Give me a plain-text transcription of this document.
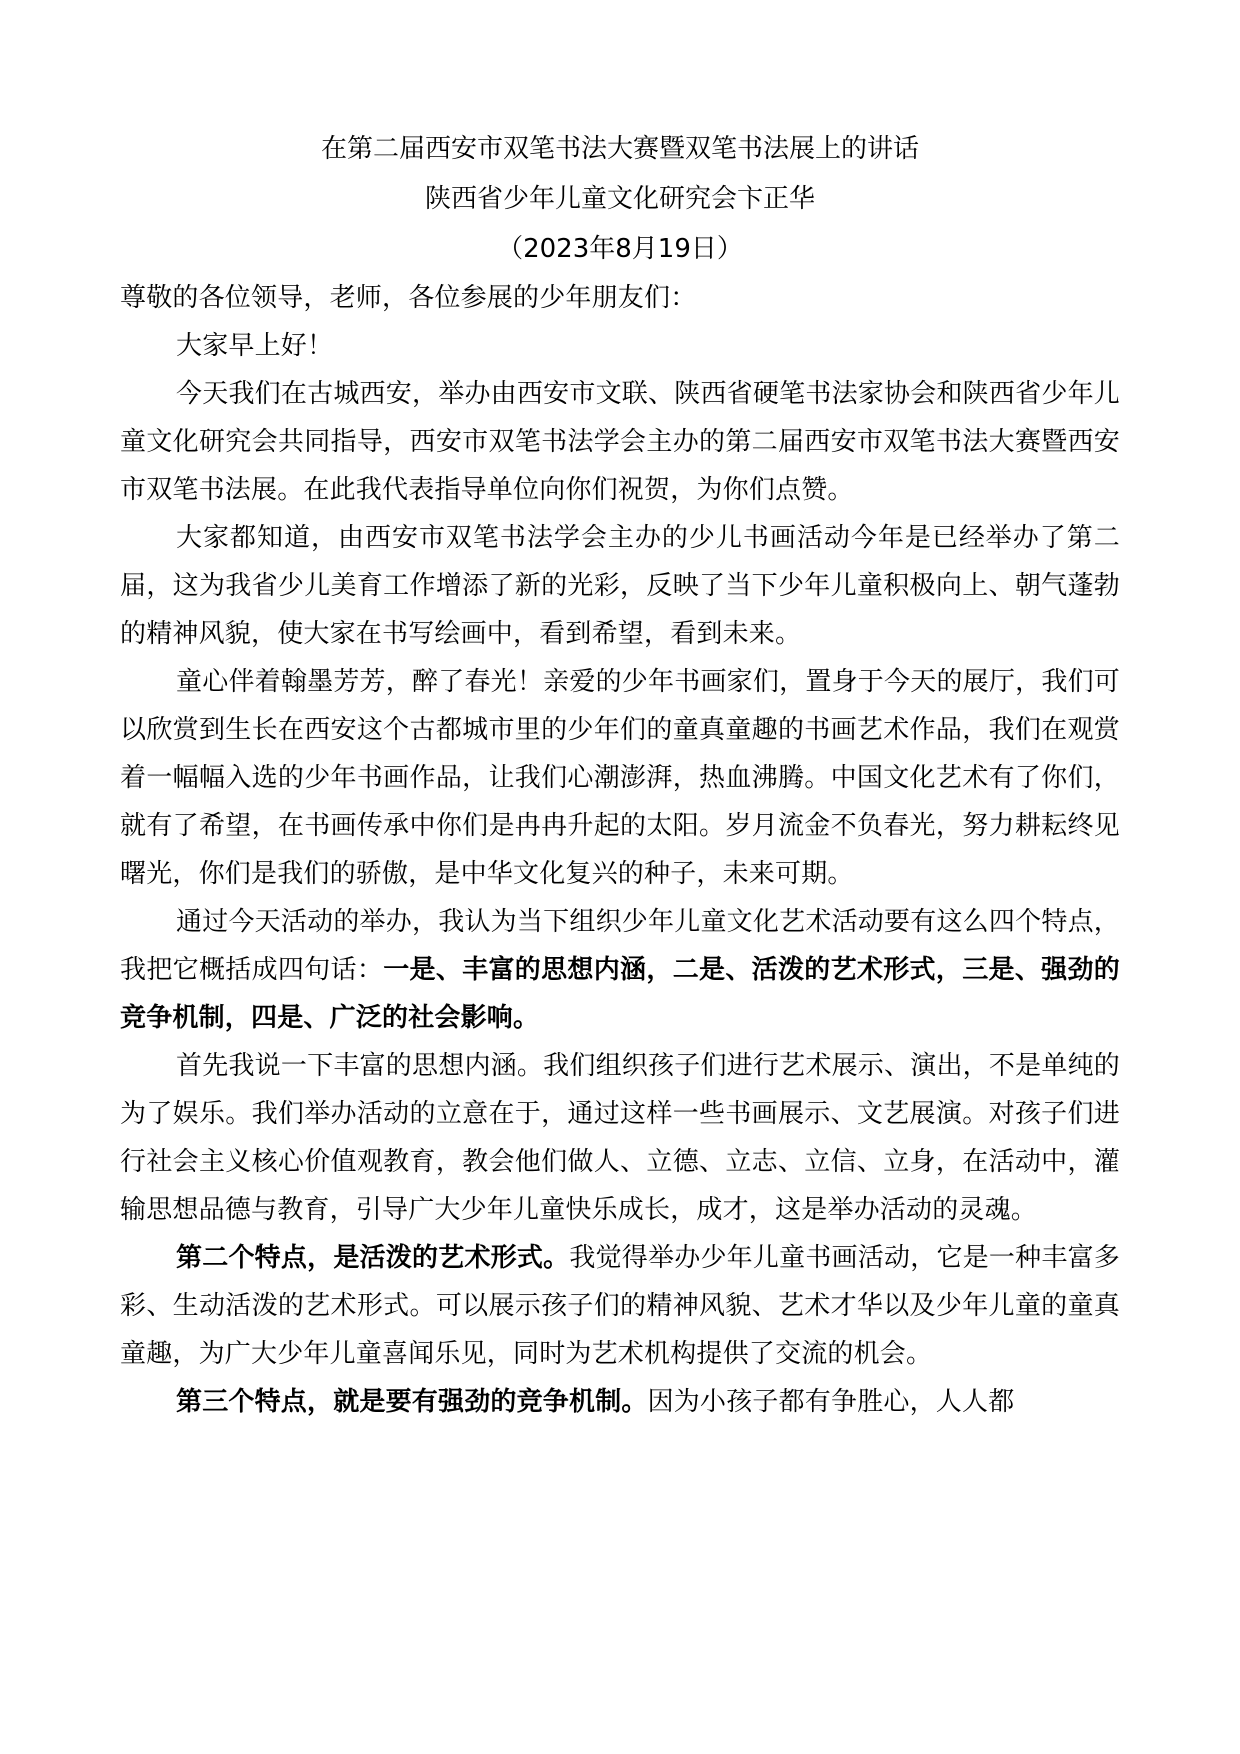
在第二届西安市双笔书法大赛暨双笔书法展上的讲话

陕西省少年儿童文化研究会卞正华

（2023年8月19日）

尊敬的各位领导，老师，各位参展的少年朋友们：

大家早上好！

今天我们在古城西安，举办由西安市文联、陕西省硬笔书法家协会和陕西省少年儿童文化研究会共同指导，西安市双笔书法学会主办的第二届西安市双笔书法大赛暨西安市双笔书法展。在此我代表指导单位向你们祝贺，为你们点赞。

大家都知道，由西安市双笔书法学会主办的少儿书画活动今年是已经举办了第二届，这为我省少儿美育工作增添了新的光彩，反映了当下少年儿童积极向上、朝气蓬勃的精神风貌，使大家在书写绘画中，看到希望，看到未来。

童心伴着翰墨芳芳，醉了春光！亲爱的少年书画家们，置身于今天的展厅，我们可以欣赏到生长在西安这个古都城市里的少年们的童真童趣的书画艺术作品，我们在观赏着一幅幅入选的少年书画作品，让我们心潮澎湃，热血沸腾。中国文化艺术有了你们，就有了希望，在书画传承中你们是冉冉升起的太阳。岁月流金不负春光，努力耕耘终见曙光，你们是我们的骄傲，是中华文化复兴的种子，未来可期。

通过今天活动的举办，我认为当下组织少年儿童文化艺术活动要有这么四个特点，我把它概括成四句话：一是、丰富的思想内涵，二是、活泼的艺术形式，三是、强劲的竞争机制，四是、广泛的社会影响。

首先我说一下丰富的思想内涵。我们组织孩子们进行艺术展示、演出，不是单纯的为了娱乐。我们举办活动的立意在于，通过这样一些书画展示、文艺展演。对孩子们进行社会主义核心价值观教育，教会他们做人、立德、立志、立信、立身，在活动中，灌输思想品德与教育，引导广大少年儿童快乐成长，成才，这是举办活动的灵魂。

第二个特点，是活泼的艺术形式。我觉得举办少年儿童书画活动，它是一种丰富多彩、生动活泼的艺术形式。可以展示孩子们的精神风貌、艺术才华以及少年儿童的童真童趣，为广大少年儿童喜闻乐见，同时为艺术机构提供了交流的机会。

第三个特点，就是要有强劲的竞争机制。因为小孩子都有争胜心，人人都
